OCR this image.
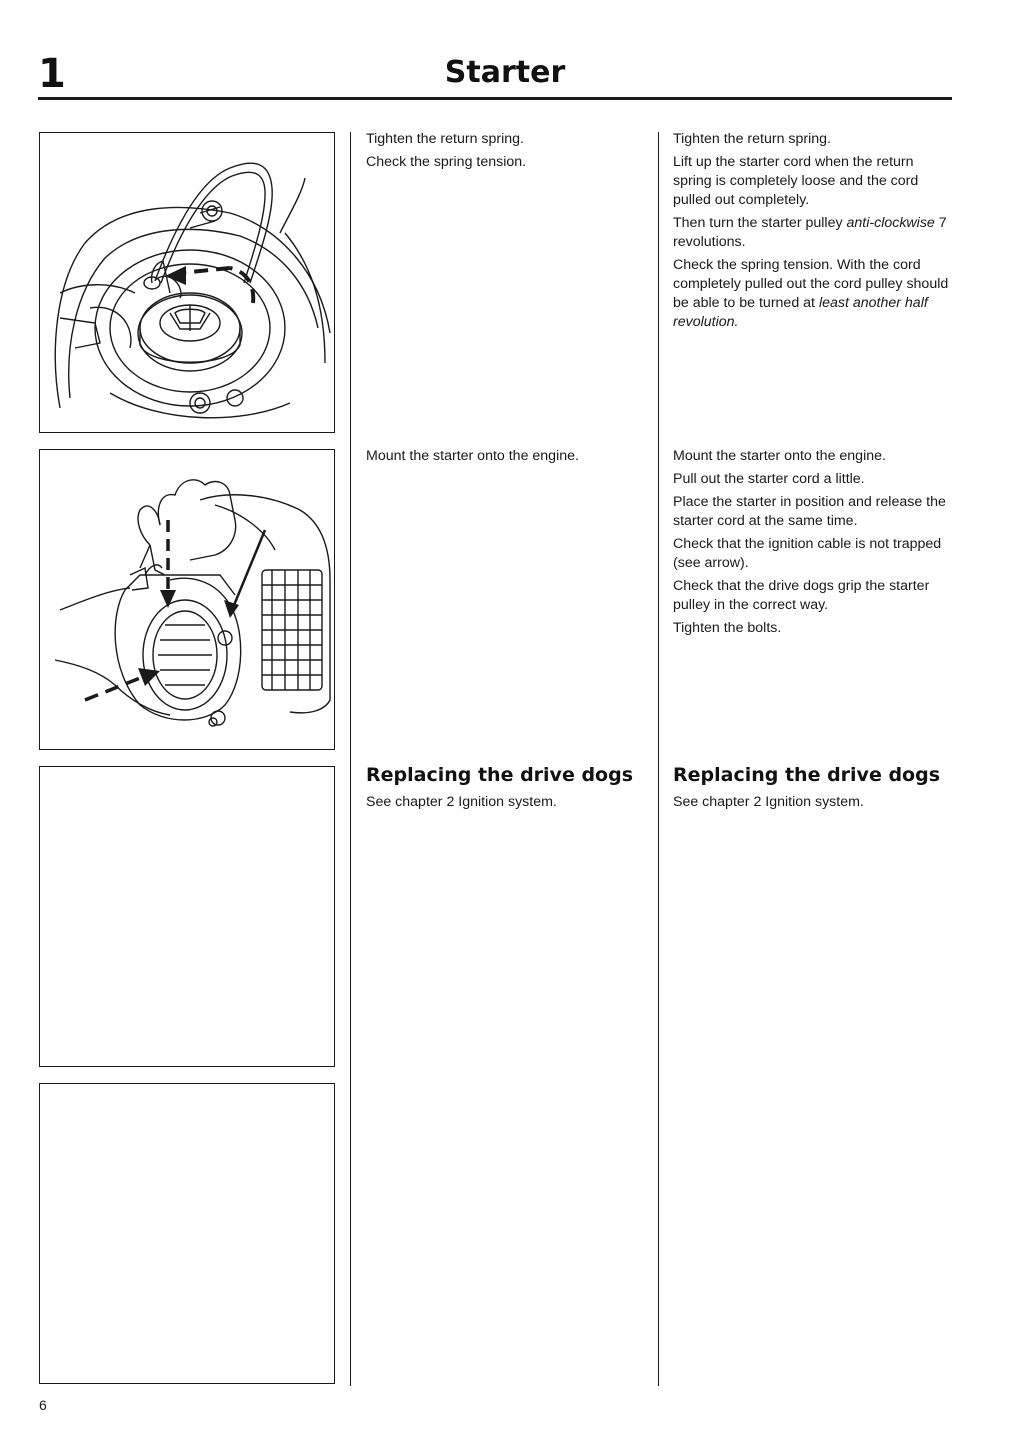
1	Starter

Tighten the return spring.

Check the spring tension.

Tighten the return spring.

Lift up the starter cord when the return spring is completely loose and the cord pulled out completely.

Then turn the starter pulley anti-clockwise 7 revolutions.

Check the spring tension. With the cord completely pulled out the cord pulley should be able to be turned at least another half revolution.

Mount the starter onto the engine.	Mount the starter onto the engine.

Pull out the starter cord a little.

Place the starter in position and release the starter cord at the same time.

Check that the ignition cable is not trapped (see arrow).

Check that the drive dogs grip the starter pulley in the correct way.

Tighten the bolts.

Replacing the drive dogs

See chapter 2 Ignition system.

Replacing the drive dogs

See chapter 2 Ignition system.

6
